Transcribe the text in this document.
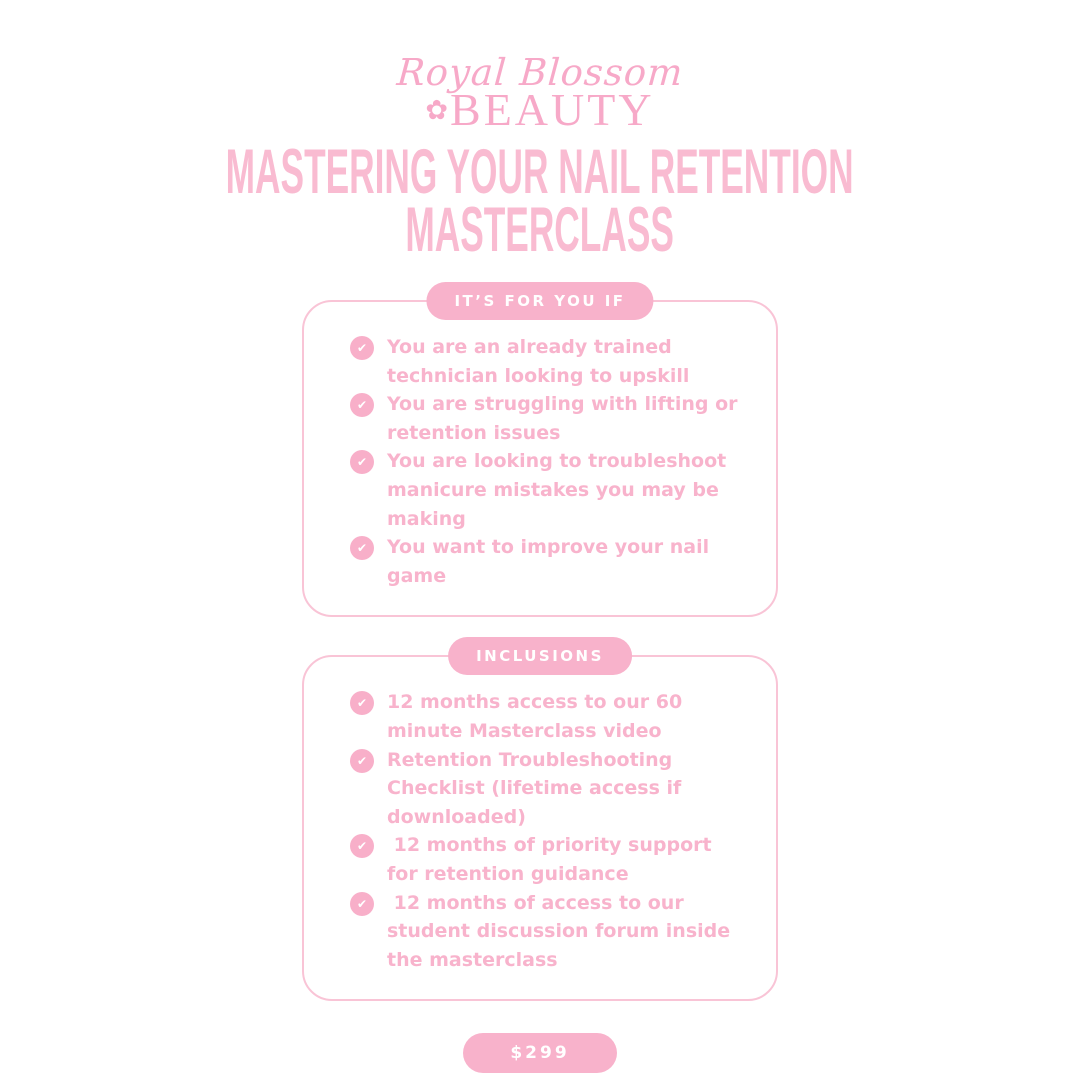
Royal Blossom
✿ BEAUTY
MASTERING YOUR NAIL RETENTION
MASTERCLASS
IT’S FOR YOU IF
✔	You are an already trained technician looking to upskill
✔	You are struggling with lifting or retention issues
✔	You are looking to troubleshoot manicure mistakes you may be making
✔	You want to improve your nail game
INCLUSIONS
✔	12 months access to our 60 minute Masterclass video
✔	Retention Troubleshooting Checklist (lifetime access if downloaded)
✔	12 months of priority support for retention guidance
✔	12 months of access to our student discussion forum inside the masterclass
$299
